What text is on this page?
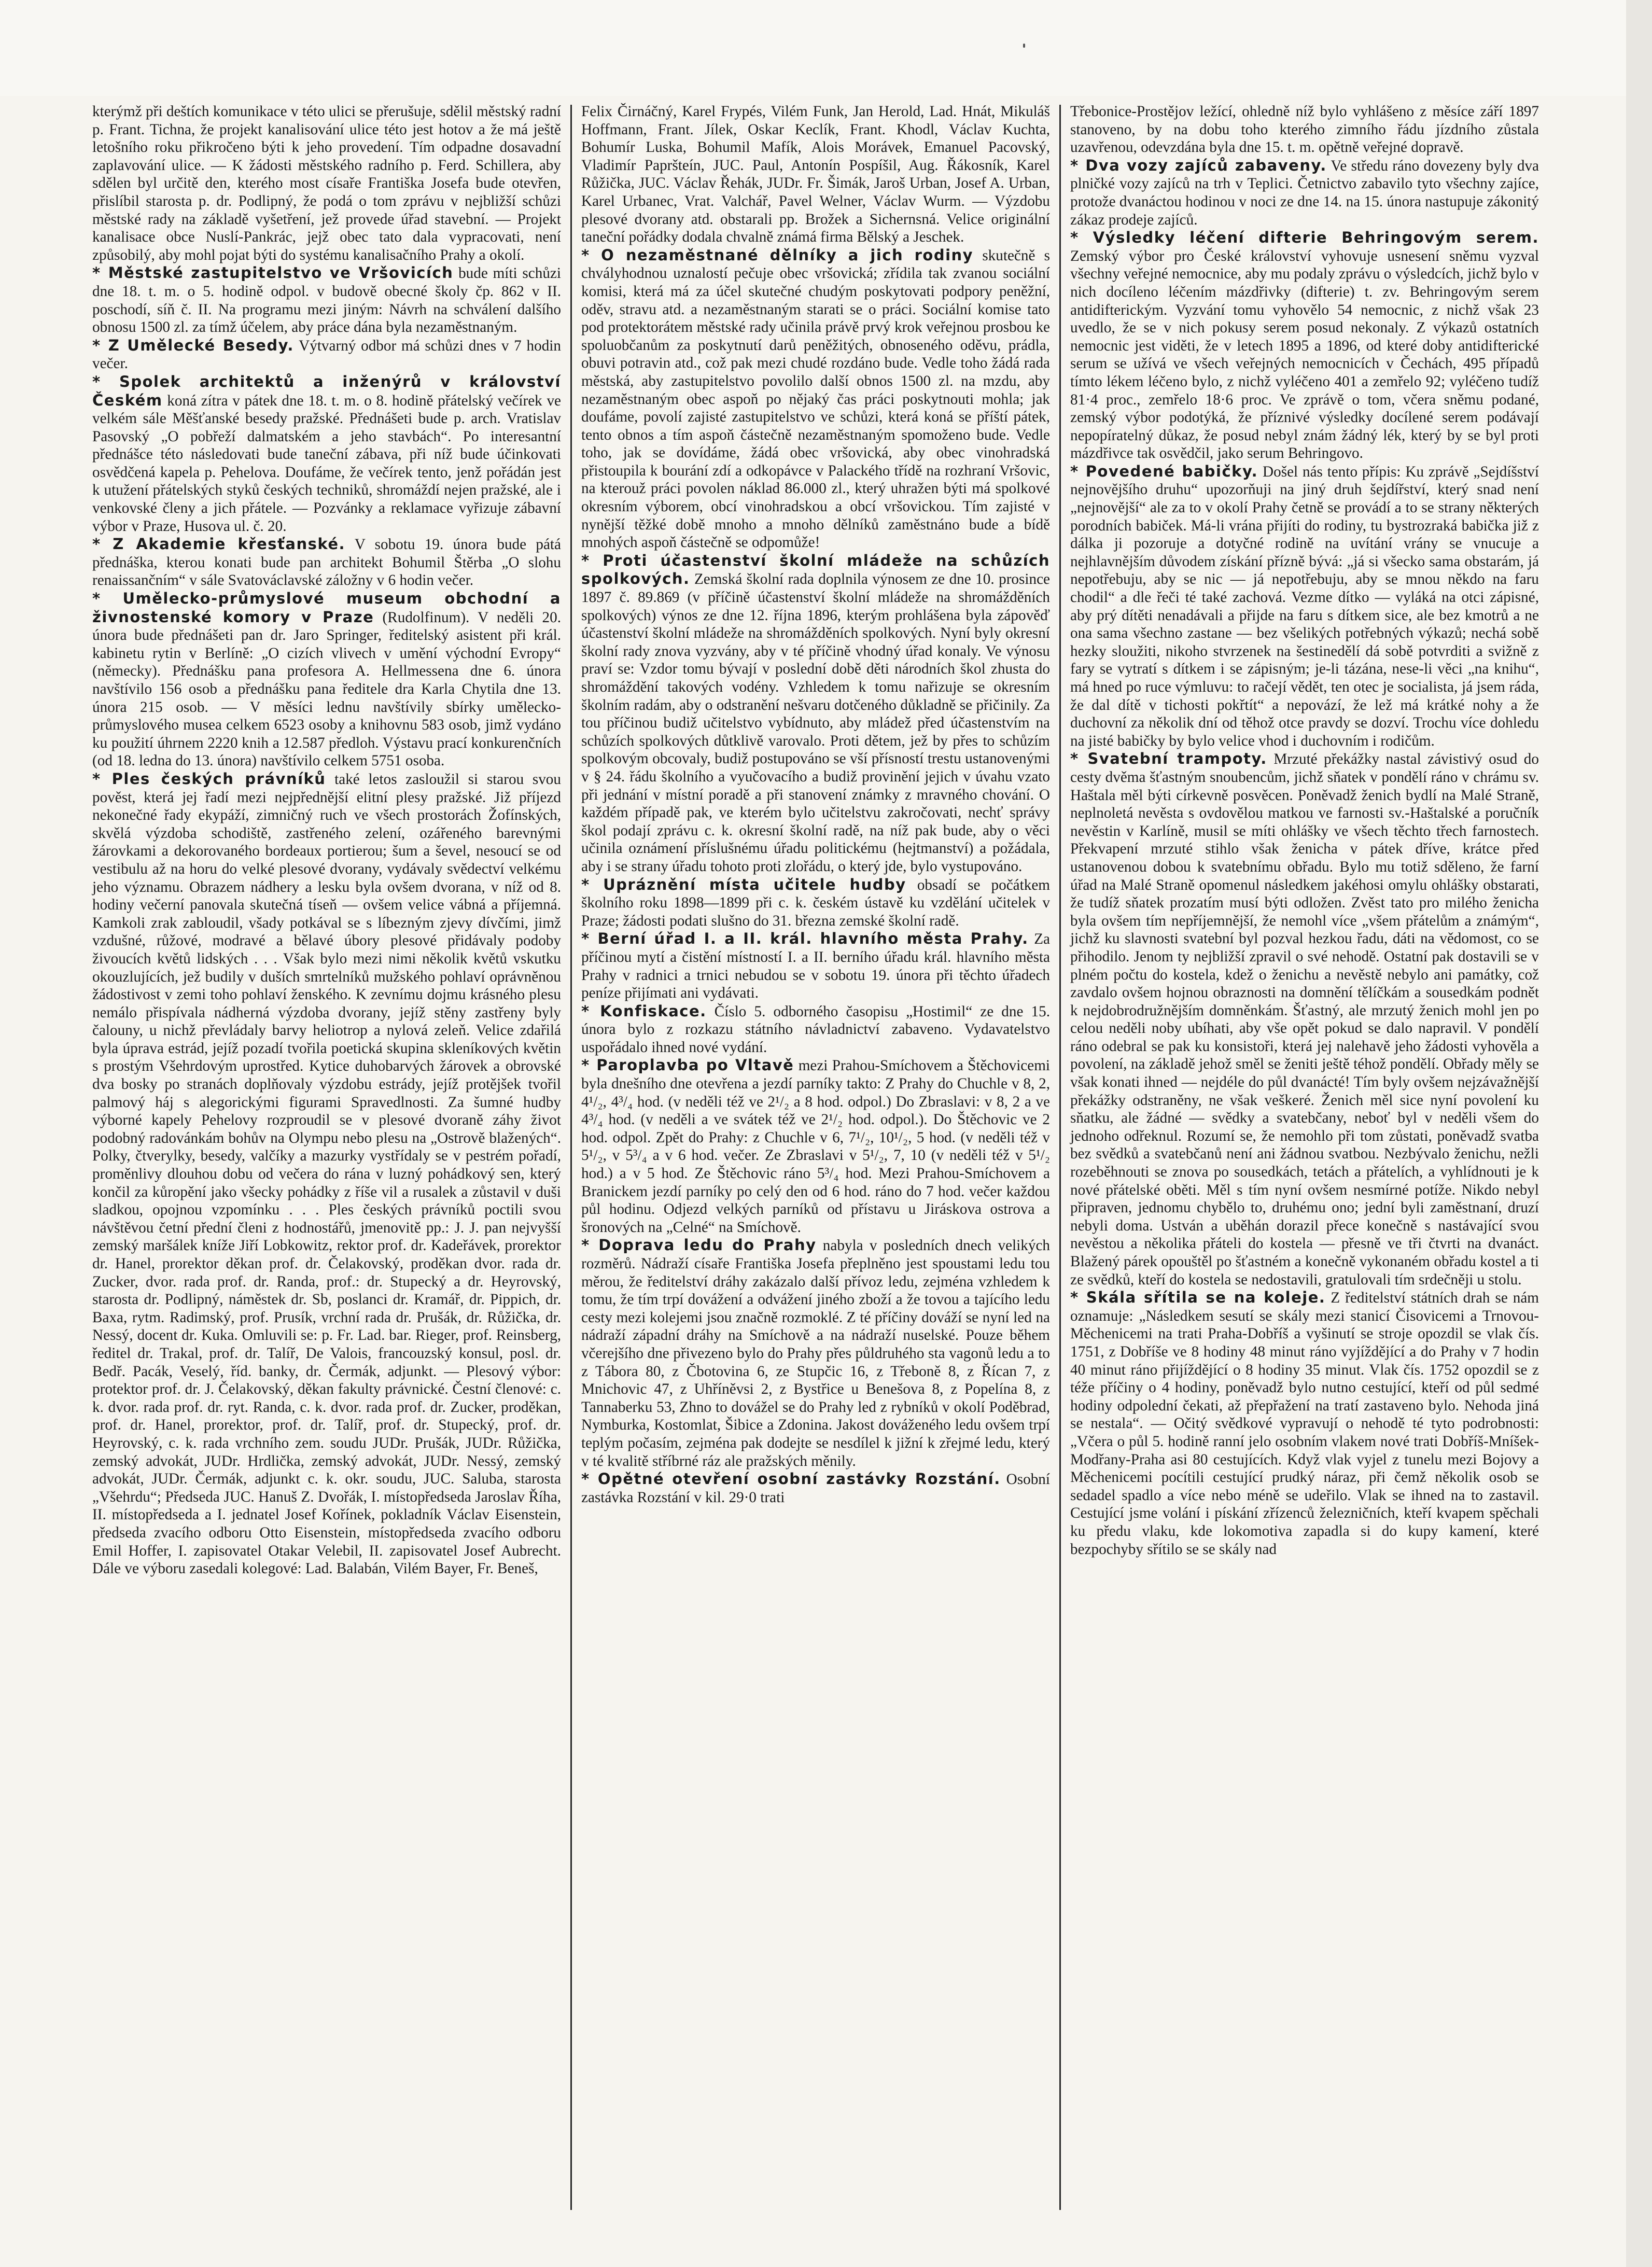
kterýmž při deštích komunikace v této ulici se přerušuje, sdělil městský radní p. Frant. Tichna, že projekt kanalisování ulice této jest hotov a že má ještě letošního roku přikročeno býti k jeho provedení. Tím odpadne dosavadní zaplavování ulice. — K žádosti městského radního p. Ferd. Schillera, aby sdělen byl určitě den, kterého most císaře Františka Josefa bude otevřen, přislíbil starosta p. dr. Podlipný, že podá o tom zprávu v nejbližší schůzi městské rady na základě vyšetření, jež provede úřad stavební. — Projekt kanalisace obce Nuslí-Pankrác, jejž obec tato dala vypracovati, není způsobilý, aby mohl pojat býti do systému kanalisačního Prahy a okolí.

* Městské zastupitelstvo ve Vršovicích bude míti schůzi dne 18. t. m. o 5. hodině odpol. v budově obecné školy čp. 862 v II. poschodí, síň č. II. Na programu mezi jiným: Návrh na schválení dalšího obnosu 1500 zl. za tímž účelem, aby práce dána byla nezaměstnaným.

* Z Umělecké Besedy. Výtvarný odbor má schůzi dnes v 7 hodin večer.

* Spolek architektů a inženýrů v království Českém koná zítra v pátek dne 18. t. m. o 8. hodině přátelský večírek ve velkém sále Měšťanské besedy pražské. Přednášeti bude p. arch. Vratislav Pasovský „O pobřeží dalmatském a jeho stavbách“. Po interesantní přednášce této následovati bude taneční zábava, při níž bude účinkovati osvědčená kapela p. Pehelova. Doufáme, že večírek tento, jenž pořádán jest k utužení přátelských styků českých techniků, shromáždí nejen pražské, ale i venkovské členy a jich přátele. — Pozvánky a reklamace vyřizuje zábavní výbor v Praze, Husova ul. č. 20.

* Z Akademie křesťanské. V sobotu 19. února bude pátá přednáška, kterou konati bude pan architekt Bohumil Štěrba „O slohu renaissančním“ v sále Svatováclavské záložny v 6 hodin večer.

* Umělecko-průmyslové museum obchodní a živnostenské komory v Praze (Rudolfinum). V neděli 20. února bude přednášeti pan dr. Jaro Springer, ředitelský asistent při král. kabinetu rytin v Berlíně: „O cizích vlivech v umění východní Evropy“ (německy). Přednášku pana profesora A. Hellmessena dne 6. února navštívilo 156 osob a přednášku pana ředitele dra Karla Chytila dne 13. února 215 osob. — V měsíci lednu navštívily sbírky umělecko-průmyslového musea celkem 6523 osoby a knihovnu 583 osob, jimž vydáno ku použití úhrnem 2220 knih a 12.587 předloh. Výstavu prací konkurenčních (od 18. ledna do 13. února) navštívilo celkem 5751 osoba.

* Ples českých právníků také letos zasloužil si starou svou pověst, která jej řadí mezi nejpřednější elitní plesy pražské. Již příjezd nekonečné řady ekypáží, zimničný ruch ve všech prostorách Žofínských, skvělá výzdoba schodiště, zastřeného zelení, ozářeného barevnými žárovkami a dekorovaného bordeaux portierou; šum a ševel, nesoucí se od vestibulu až na horu do velké plesové dvorany, vydávaly svědectví velkému jeho významu. Obrazem nádhery a lesku byla ovšem dvorana, v níž od 8. hodiny večerní panovala skutečná tíseň — ovšem velice vábná a příjemná. Kamkoli zrak zabloudil, všady potkával se s líbezným zjevy dívčími, jimž vzdušné, růžové, modravé a bělavé úbory plesové přidávaly podoby živoucích květů lidských . . . Však bylo mezi nimi několik květů vskutku okouzlujících, jež budily v duších smrtelníků mužského pohlaví oprávněnou žádostivost v zemi toho pohlaví ženského. K zevnímu dojmu krásného plesu nemálo přispívala nádherná výzdoba dvorany, jejíž stěny zastřeny byly čalouny, u nichž převládaly barvy heliotrop a nylová zeleň. Velice zdařilá byla úprava estrád, jejíž pozadí tvořila poetická skupina skleníkových květin s prostým Všehrdovým uprostřed. Kytice duhobarvých žárovek a obrovské dva bosky po stranách doplňovaly výzdobu estrády, jejíž protějšek tvořil palmový háj s alegorickými figurami Spravedlnosti. Za šumné hudby výborné kapely Pehelovy rozproudil se v plesové dvoraně záhy život podobný radovánkám bohův na Olympu nebo plesu na „Ostrově blažených“. Polky, čtverylky, besedy, valčíky a mazurky vystřídaly se v pestrém pořadí, proměnlivy dlouhou dobu od večera do rána v luzný pohádkový sen, který končil za kůropění jako všecky pohádky z říše vil a rusalek a zůstavil v duši sladkou, opojnou vzpomínku . . . Ples českých právníků poctili svou návštěvou četní přední členi z hodnostářů, jmenovitě pp.: J. J. pan nejvyšší zemský maršálek kníže Jiří Lobkowitz, rektor prof. dr. Kadeřávek, prorektor dr. Hanel, prorektor děkan prof. dr. Čelakovský, proděkan dvor. rada dr. Zucker, dvor. rada prof. dr. Randa, prof.: dr. Stupecký a dr. Heyrovský, starosta dr. Podlipný, náměstek dr. Sb, poslanci dr. Kramář, dr. Pippich, dr. Baxa, rytm. Radimský, prof. Prusík, vrchní rada dr. Prušák, dr. Růžička, dr. Nessý, docent dr. Kuka. Omluvili se: p. Fr. Lad. bar. Rieger, prof. Reinsberg, ředitel dr. Trakal, prof. dr. Talíř, De Valois, francouzský konsul, posl. dr. Bedř. Pacák, Veselý, říd. banky, dr. Čermák, adjunkt. — Plesový výbor: protektor prof. dr. J. Čelakovský, děkan fakulty právnické. Čestní členové: c. k. dvor. rada prof. dr. ryt. Randa, c. k. dvor. rada prof. dr. Zucker, proděkan, prof. dr. Hanel, prorektor, prof. dr. Talíř, prof. dr. Stupecký, prof. dr. Heyrovský, c. k. rada vrchního zem. soudu JUDr. Prušák, JUDr. Růžička, zemský advokát, JUDr. Hrdlička, zemský advokát, JUDr. Nessý, zemský advokát, JUDr. Čermák, adjunkt c. k. okr. soudu, JUC. Saluba, starosta „Všehrdu“; Předseda JUC. Hanuš Z. Dvořák, I. místopředseda Jaroslav Říha, II. místopředseda a I. jednatel Josef Kořínek, pokladník Václav Eisenstein, předseda zvacího odboru Otto Eisenstein, místopředseda zvacího odboru Emil Hoffer, I. zapisovatel Otakar Velebil, II. zapisovatel Josef Aubrecht. Dále ve výboru zasedali kolegové: Lad. Balabán, Vilém Bayer, Fr. Beneš,

Felix Čirnáčný, Karel Frypés, Vilém Funk, Jan Herold, Lad. Hnát, Mikuláš Hoffmann, Frant. Jílek, Oskar Keclík, Frant. Khodl, Václav Kuchta, Bohumír Luska, Bohumil Mafík, Alois Morávek, Emanuel Pacovský, Vladimír Papršteín, JUC. Paul, Antonín Pospíšil, Aug. Řákosník, Karel Růžička, JUC. Václav Řehák, JUDr. Fr. Šimák, Jaroš Urban, Josef A. Urban, Karel Urbanec, Vrat. Valchář, Pavel Welner, Václav Wurm. — Výzdobu plesové dvorany atd. obstarali pp. Brožek a Sichernsná. Velice originální taneční pořádky dodala chvalně známá firma Bělský a Jeschek.

* O nezaměstnané dělníky a jich rodiny skutečně s chvályhodnou uznalostí pečuje obec vršovická; zřídila tak zvanou sociální komisi, která má za účel skutečné chudým poskytovati podpory peněžní, oděv, stravu atd. a nezaměstnaným starati se o práci. Sociální komise tato pod protektorátem městské rady učinila právě prvý krok veřejnou prosbou ke spoluobčanům za poskytnutí darů peněžitých, obnoseného oděvu, prádla, obuvi potravin atd., což pak mezi chudé rozdáno bude. Vedle toho žádá rada městská, aby zastupitelstvo povolilo další obnos 1500 zl. na mzdu, aby nezaměstnaným obec aspoň po nějaký čas práci poskytnouti mohla; jak doufáme, povolí zajisté zastupitelstvo ve schůzi, která koná se příští pátek, tento obnos a tím aspoň částečně nezaměstnaným spomoženo bude. Vedle toho, jak se dovídáme, žádá obec vršovická, aby obec vinohradská přistoupila k bourání zdí a odkopávce v Palackého třídě na rozhraní Vršovic, na kterouž práci povolen náklad 86.000 zl., který uhražen býti má spolkové okresním výborem, obcí vinohradskou a obcí vršovickou. Tím zajisté v nynější těžké době mnoho a mnoho dělníků zaměstnáno bude a bídě mnohých aspoň částečně se odpomůže!

* Proti účastenství školní mládeže na schůzích spolkových. Zemská školní rada doplnila výnosem ze dne 10. prosince 1897 č. 89.869 (v příčině účastenství školní mládeže na shromážděních spolkových) výnos ze dne 12. října 1896, kterým prohlášena byla zápověď účastenství školní mládeže na shromážděních spolkových. Nyní byly okresní školní rady znova vyzvány, aby v té příčině vhodný úřad konaly. Ve výnosu praví se: Vzdor tomu bývají v poslední době děti národních škol zhusta do shromáždění takových vodény. Vzhledem k tomu nařizuje se okresním školním radám, aby o odstranění nešvaru dotčeného důkladně se přičinily. Za tou příčinou budiž učitelstvo vybídnuto, aby mládež před účastenstvím na schůzích spolkových důtklivě varovalo. Proti dětem, jež by přes to schůzím spolkovým obcovaly, budiž postupováno se vší přísností trestu ustanovenými v § 24. řádu školního a vyučovacího a budiž provinění jejich v úvahu vzato při jednání v místní poradě a při stanovení známky z mravného chování. O každém případě pak, ve kterém bylo učitelstvu zakročovati, nechť správy škol podají zprávu c. k. okresní školní radě, na níž pak bude, aby o věci učinila oznámení příslušnému úřadu politickému (hejtmanství) a požádala, aby i se strany úřadu tohoto proti zlořádu, o který jde, bylo vystupováno.

* Upráznění místa učitele hudby obsadí se počátkem školního roku 1898—1899 při c. k. českém ústavě ku vzdělání učitelek v Praze; žádosti podati slušno do 31. března zemské školní radě.

* Berní úřad I. a II. král. hlavního města Prahy. Za příčinou mytí a čistění místností I. a II. berního úřadu král. hlavního města Prahy v radnici a trnici nebudou se v sobotu 19. února při těchto úřadech peníze přijímati ani vydávati.

* Konfiskace. Číslo 5. odborného časopisu „Hostimil“ ze dne 15. února bylo z rozkazu státního návladnictví zabaveno. Vydavatelstvo uspořádalo ihned nové vydání.

* Paroplavba po Vltavě mezi Prahou-Smíchovem a Štěchovicemi byla dnešního dne otevřena a jezdí parníky takto: Z Prahy do Chuchle v 8, 2, 4¹/₂, 4³/₄ hod. (v neděli též ve 2¹/₂ a 8 hod. odpol.) Do Zbraslavi: v 8, 2 a ve 4³/₄ hod. (v neděli a ve svátek též ve 2¹/₂ hod. odpol.). Do Štěchovic ve 2 hod. odpol. Zpět do Prahy: z Chuchle v 6, 7¹/₂, 10¹/₂, 5 hod. (v neděli též v 5¹/₂, v 5³/₄ a v 6 hod. večer. Ze Zbraslavi v 5¹/₂, 7, 10 (v neděli též v 5¹/₂ hod.) a v 5 hod. Ze Štěchovic ráno 5³/₄ hod. Mezi Prahou-Smíchovem a Branickem jezdí parníky po celý den od 6 hod. ráno do 7 hod. večer každou půl hodinu. Odjezd velkých parníků od přístavu u Jiráskova ostrova a šronových na „Celné“ na Smíchově.

* Doprava ledu do Prahy nabyla v posledních dnech velikých rozměrů. Nádraží císaře Františka Josefa přeplněno jest spoustami ledu tou měrou, že ředitelství dráhy zakázalo další přívoz ledu, zejména vzhledem k tomu, že tím trpí dovážení a odvážení jiného zboží a že tovou a tajícího ledu cesty mezi kolejemi jsou značně rozmoklé. Z té příčiny dováží se nyní led na nádraží západní dráhy na Smíchově a na nádraží nuselské. Pouze během včerejšího dne přivezeno bylo do Prahy přes půldruhého sta vagonů ledu a to z Tábora 80, z Čbotovina 6, ze Stupčic 16, z Třeboně 8, z Řícan 7, z Mnichovic 47, z Uhříněvsi 2, z Bystřice u Benešova 8, z Popelína 8, z Tannaberku 53, Zhno to dovážel se do Prahy led z rybníků v okolí Poděbrad, Nymburka, Kostomlat, Šibice a Zdonina. Jakost dováženého ledu ovšem trpí teplým počasím, zejména pak dodejte se nesdílel k jižní k zřejmé ledu, který v té kvalitě stříbrné ráz ale pražských měnily.

* Opětné otevření osobní zastávky Rozstání. Osobní zastávka Rozstání v kil. 29·0 trati

Třebonice-Prostějov ležící, ohledně níž bylo vyhlášeno z měsíce září 1897 stanoveno, by na dobu toho kterého zimního řádu jízdního zůstala uzavřenou, odevzdána byla dne 15. t. m. opětně veřejné dopravě.

* Dva vozy zajíců zabaveny. Ve středu ráno dovezeny byly dva plničké vozy zajíců na trh v Teplici. Četnictvo zabavilo tyto všechny zajíce, protože dvanáctou hodinou v noci ze dne 14. na 15. února nastupuje zákonitý zákaz prodeje zajíců.

* Výsledky léčení difterie Behringovým serem. Zemský výbor pro České království vyhovuje usnesení sněmu vyzval všechny veřejné nemocnice, aby mu podaly zprávu o výsledcích, jichž bylo v nich docíleno léčením mázdřivky (difterie) t. zv. Behringovým serem antidifterickým. Vyzvání tomu vyhovělo 54 nemocnic, z nichž však 23 uvedlo, že se v nich pokusy serem posud nekonaly. Z výkazů ostatních nemocnic jest viděti, že v letech 1895 a 1896, od které doby antidifterické serum se užívá ve všech veřejných nemocnicích v Čechách, 495 případů tímto lékem léčeno bylo, z nichž vyléčeno 401 a zemřelo 92; vyléčeno tudíž 81·4 proc., zemřelo 18·6 proc. Ve zprávě o tom, včera sněmu podané, zemský výbor podotýká, že příznivé výsledky docílené serem podávají nepopíratelný důkaz, že posud nebyl znám žádný lék, který by se byl proti mázdřivce tak osvědčil, jako serum Behringovo.

* Povedené babičky. Došel nás tento přípis: Ku zprávě „Sejdíšství nejnovějšího druhu“ upozorňuji na jiný druh šejdířství, který snad není „nejnovější“ ale za to v okolí Prahy četně se provádí a to se strany některých porodních babiček. Má-li vrána přijíti do rodiny, tu bystrozraká babička již z dálka ji pozoruje a dotyčné rodině na uvítání vrány se vnucuje a nejhlavnějším důvodem získání přízně bývá: „já si všecko sama obstarám, já nepotřebuju, aby se nic — já nepotřebuju, aby se mnou někdo na faru chodil“ a dle řeči té také zachová. Vezme dítko — vyláká na otci zápisné, aby prý dítěti nenadávali a přijde na faru s dítkem sice, ale bez kmotrů a ne ona sama všechno zastane — bez všelikých potřebných výkazů; nechá sobě hezky sloužiti, nikoho stvrzenek na šestinedělí dá sobě potvrditi a svižně z fary se vytratí s dítkem i se zápisným; je-li tázána, nese-li věci „na knihu“, má hned po ruce výmluvu: to račejí vědět, ten otec je socialista, já jsem ráda, že dal dítě v tichosti pokřtít“ a nepovází, že lež má krátké nohy a že duchovní za několik dní od těhož otce pravdy se dozví. Trochu více dohledu na jisté babičky by bylo velice vhod i duchovním i rodičům.

* Svatební trampoty. Mrzuté překážky nastal závistivý osud do cesty dvěma šťastným snoubencům, jichž sňatek v pondělí ráno v chrámu sv. Haštala měl býti církevně posvěcen. Poněvadž ženich bydlí na Malé Straně, neplnoletá nevěsta s ovdovělou matkou ve farnosti sv.-Haštalské a poručník nevěstin v Karlíně, musil se míti ohlášky ve všech těchto třech farnostech. Překvapení mrzuté stihlo však ženicha v pátek dříve, krátce před ustanovenou dobou k svatebnímu obřadu. Bylo mu totiž sděleno, že farní úřad na Malé Straně opomenul následkem jakéhosi omylu ohlášky obstarati, že tudíž sňatek prozatím musí býti odložen. Zvěst tato pro milého ženicha byla ovšem tím nepříjemnější, že nemohl více „všem přátelům a známým“, jichž ku slavnosti svatební byl pozval hezkou řadu, dáti na vědomost, co se přihodilo. Jenom ty nejbližší zpravil o své nehodě. Ostatní pak dostavili se v plném počtu do kostela, kdež o ženichu a nevěstě nebylo ani památky, což zavdalo ovšem hojnou obraznosti na domnění tělíčkám a sousedkám podnět k nejdobrodružnějším domněnkám. Šťastný, ale mrzutý ženich mohl jen po celou neděli noby ubíhati, aby vše opět pokud se dalo napravil. V pondělí ráno odebral se pak ku konsistoři, která jej nalehavě jeho žádosti vyhověla a povolení, na základě jehož směl se ženiti ještě téhož pondělí. Obřady měly se však konati ihned — nejdéle do půl dvanácté! Tím byly ovšem nejzávažnější překážky odstraněny, ne však veškeré. Ženich měl sice nyní povolení ku sňatku, ale žádné — svědky a svatebčany, neboť byl v neděli všem do jednoho odřeknul. Rozumí se, že nemohlo při tom zůstati, poněvadž svatba bez svědků a svatebčanů není ani žádnou svatbou. Nezbývalo ženichu, nežli rozeběhnouti se znova po sousedkách, tetách a přátelích, a vyhlídnouti je k nové přátelské oběti. Měl s tím nyní ovšem nesmírné potíže. Nikdo nebyl připraven, jednomu chybělo to, druhému ono; jední byli zaměstnaní, druzí nebyli doma. Ustván a uběhán dorazil přece konečně s nastávající svou nevěstou a několika přáteli do kostela — přesně ve tři čtvrti na dvanáct. Blažený párek opouštěl po šťastném a konečně vykonaném obřadu kostel a ti ze svědků, kteří do kostela se nedostavili, gratulovali tím srdečněji u stolu.

* Skála sřítila se na koleje. Z ředitelství státních drah se nám oznamuje: „Následkem sesutí se skály mezi stanicí Čisovicemi a Trnovou-Měchenicemi na trati Praha-Dobříš a vyšinutí se stroje opozdil se vlak čís. 1751, z Dobříše ve 8 hodiny 48 minut ráno vyjíždějící a do Prahy v 7 hodin 40 minut ráno přijíždějící o 8 hodiny 35 minut. Vlak čís. 1752 opozdil se z téže příčiny o 4 hodiny, poněvadž bylo nutno cestující, kteří od půl sedmé hodiny odpolední čekati, až přepřažení na tratí zastaveno bylo. Nehoda jiná se nestala“. — Očitý svědkové vypravují o nehodě té tyto podrobnosti: „Včera o půl 5. hodině ranní jelo osobním vlakem nové trati Dobříš-Mníšek-Modřany-Praha asi 80 cestujících. Když vlak vyjel z tunelu mezi Bojovy a Měchenicemi pocítili cestující prudký náraz, při čemž několik osob se sedadel spadlo a více nebo méně se udeřilo. Vlak se ihned na to zastavil. Cestující jsme volání i pískání zřízenců železničních, kteří kvapem spěchali ku předu vlaku, kde lokomotiva zapadla si do kupy kamení, které bezpochyby sřítilo se se skály nad
